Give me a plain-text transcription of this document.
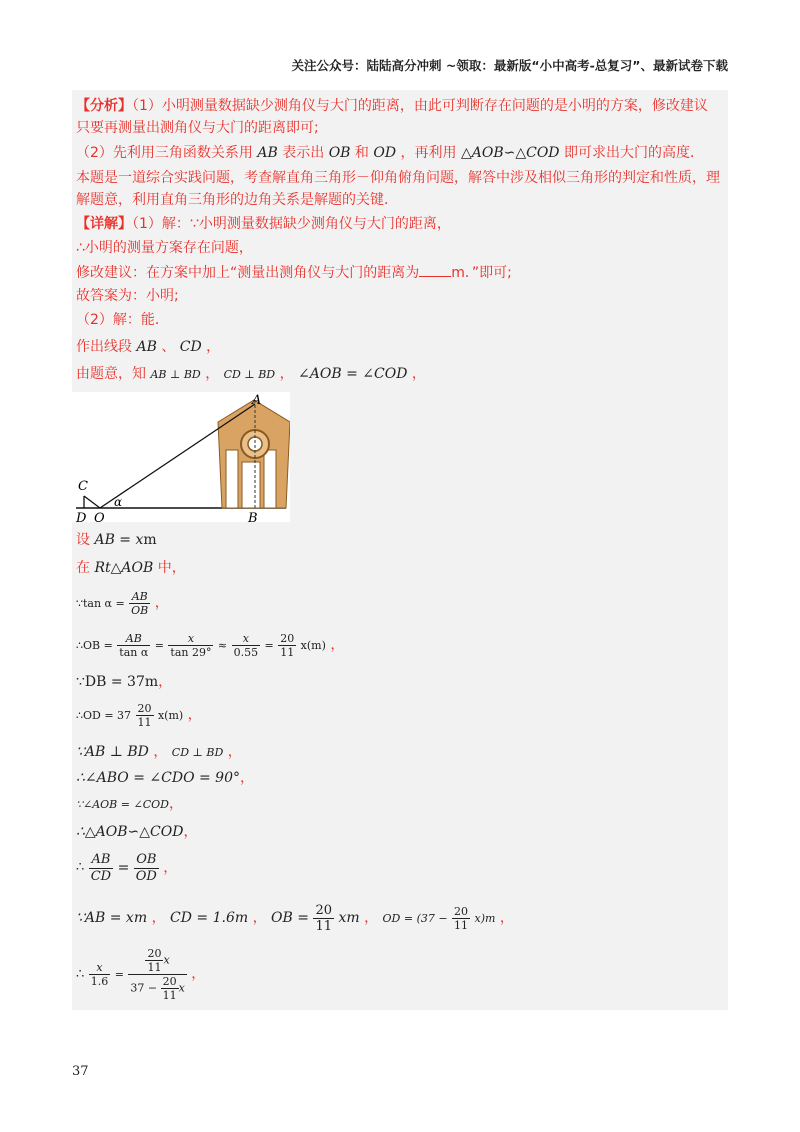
关注公众号：陆陆高分冲刺 ~领取：最新版“小中高考-总复习”、最新试卷下载
【分析】（1）小明测量数据缺少测角仪与大门的距离，由此可判断存在问题的是小明的方案，修改建议
只要再测量出测角仪与大门的距离即可;
（2）先利用三角函数关系用 AB 表示出 OB 和 OD ，再利用 △AOB∽△COD 即可求出大门的高度．
本题是一道综合实践问题，考查解直角三角形－仰角俯角问题，解答中涉及相似三角形的判定和性质，理
解题意，利用直角三角形的边角关系是解题的关键．
【详解】（1）解：∵小明测量数据缺少测角仪与大门的距离，
∴小明的测量方案存在问题，
修改建议：在方案中加上“测量出测角仪与大门的距离为 m．”即可;
故答案为：小明;
（2）解：能．
作出线段 AB 、 CD ，
由题意，知 AB ⊥ BD ， CD ⊥ BD ， ∠AOB = ∠COD ，
A
B
C
D O
α
设 AB = xm
在 Rt△AOB 中，
∵tan $\alpha = \frac{AB}{OB}$ ，
∴OB = $\frac{AB}{\text{tan α}} = \frac{x}{\tan 29^\circ} \approx \frac{x}{0.55} = \frac{20}{11} x(m)$ ，
∵DB = 37m，
∴OD = $37 \frac{20}{11} x(m)$ ，
∵AB ⊥ BD ， CD ⊥ BD ，
∴∠ABO = ∠CDO = 90°，
∵∠AOB = ∠COD，
∴△AOB∽△COD，
∴ $\frac{AB}{CD} = \frac{OB}{OD}$ ，
∵AB = xm ， CD = 1.6m ， OB = $\frac{20}{11}$ xm ， OD = $(37 - \frac{20}{11} x)m$ ，
∴ $\frac{x}{1.6} = \frac{\frac{20}{11} x}{37 - \frac{20}{11} x}$ ，
37
